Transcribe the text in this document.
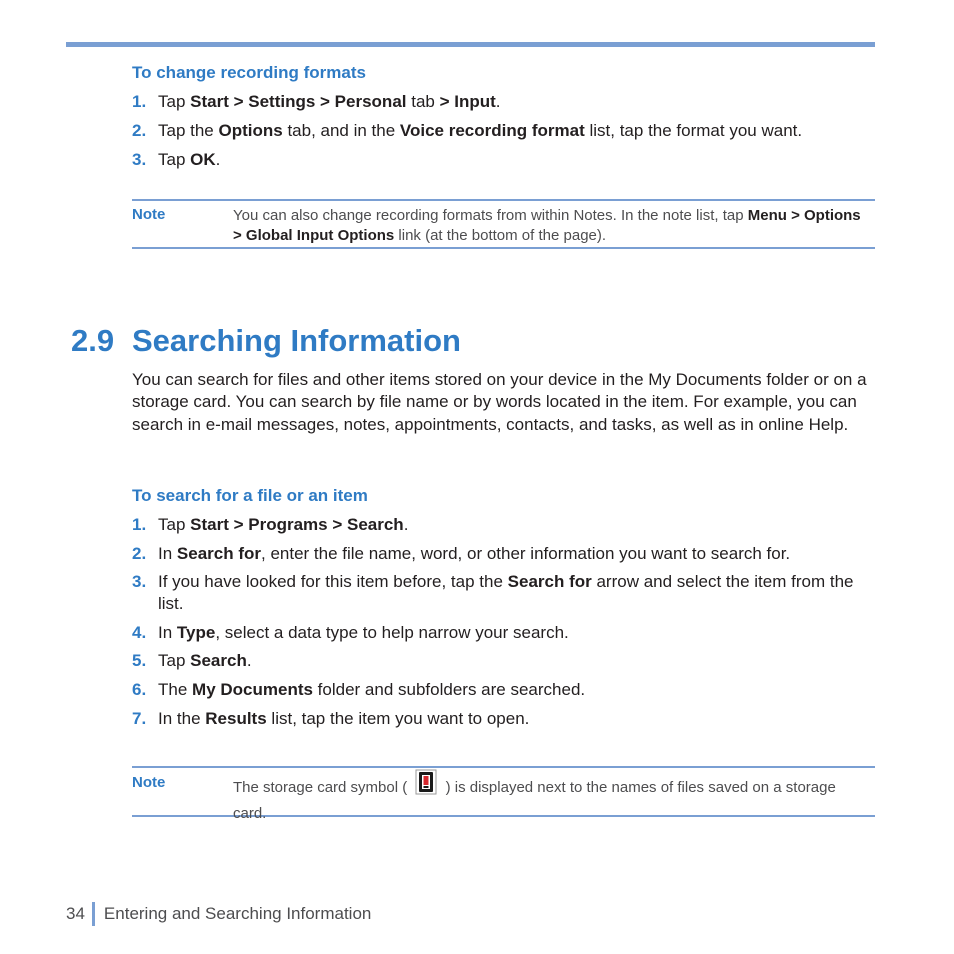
To change recording formats
1. Tap Start > Settings > Personal tab > Input.
2. Tap the Options tab, and in the Voice recording format list, tap the format you want.
3. Tap OK.
Note	You can also change recording formats from within Notes. In the note list, tap Menu > Options > Global Input Options link (at the bottom of the page).
2.9 Searching Information

You can search for files and other items stored on your device in the My Documents folder or on a storage card. You can search by file name or by words located in the item. For example, you can search in e-mail messages, notes, appointments, contacts, and tasks, as well as in online Help.

To search for a file or an item
1. Tap Start > Programs > Search.
2. In Search for, enter the file name, word, or other information you want to search for.
3. If you have looked for this item before, tap the Search for arrow and select the item from the list.
4. In Type, select a data type to help narrow your search.
5. Tap Search.
6. The My Documents folder and subfolders are searched.
7. In the Results list, tap the item you want to open.
Note	The storage card symbol (	) is displayed next to the names of files saved on a storage card.
34 Entering and Searching Information
